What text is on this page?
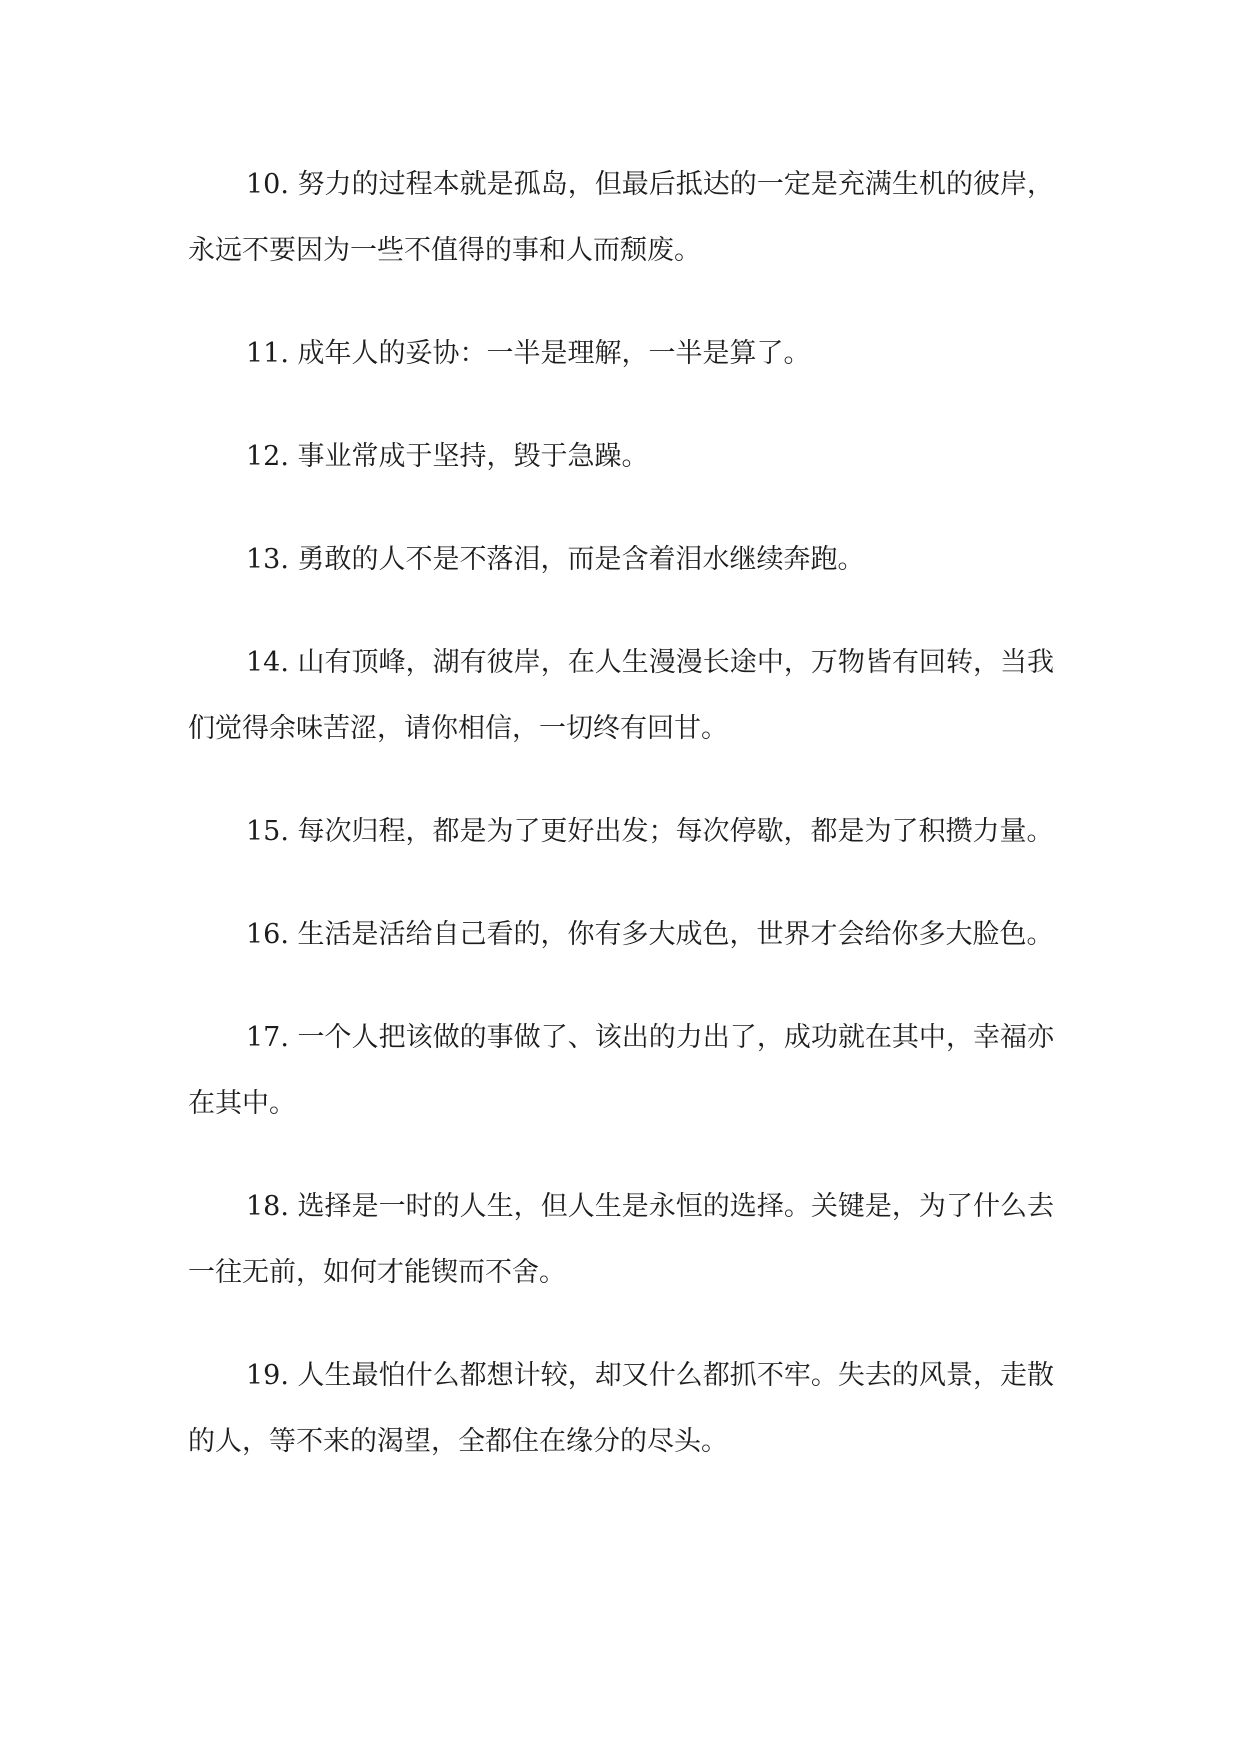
10. 努力的过程本就是孤岛，但最后抵达的一定是充满生机的彼岸，永远不要因为一些不值得的事和人而颓废。

11. 成年人的妥协：一半是理解，一半是算了。

12. 事业常成于坚持，毁于急躁。

13. 勇敢的人不是不落泪，而是含着泪水继续奔跑。

14. 山有顶峰，湖有彼岸，在人生漫漫长途中，万物皆有回转，当我们觉得余味苦涩，请你相信，一切终有回甘。

15. 每次归程，都是为了更好出发；每次停歇，都是为了积攒力量。

16. 生活是活给自己看的，你有多大成色，世界才会给你多大脸色。

17. 一个人把该做的事做了、该出的力出了，成功就在其中，幸福亦在其中。

18. 选择是一时的人生，但人生是永恒的选择。关键是，为了什么去一往无前，如何才能锲而不舍。

19. 人生最怕什么都想计较，却又什么都抓不牢。失去的风景，走散的人，等不来的渴望，全都住在缘分的尽头。
